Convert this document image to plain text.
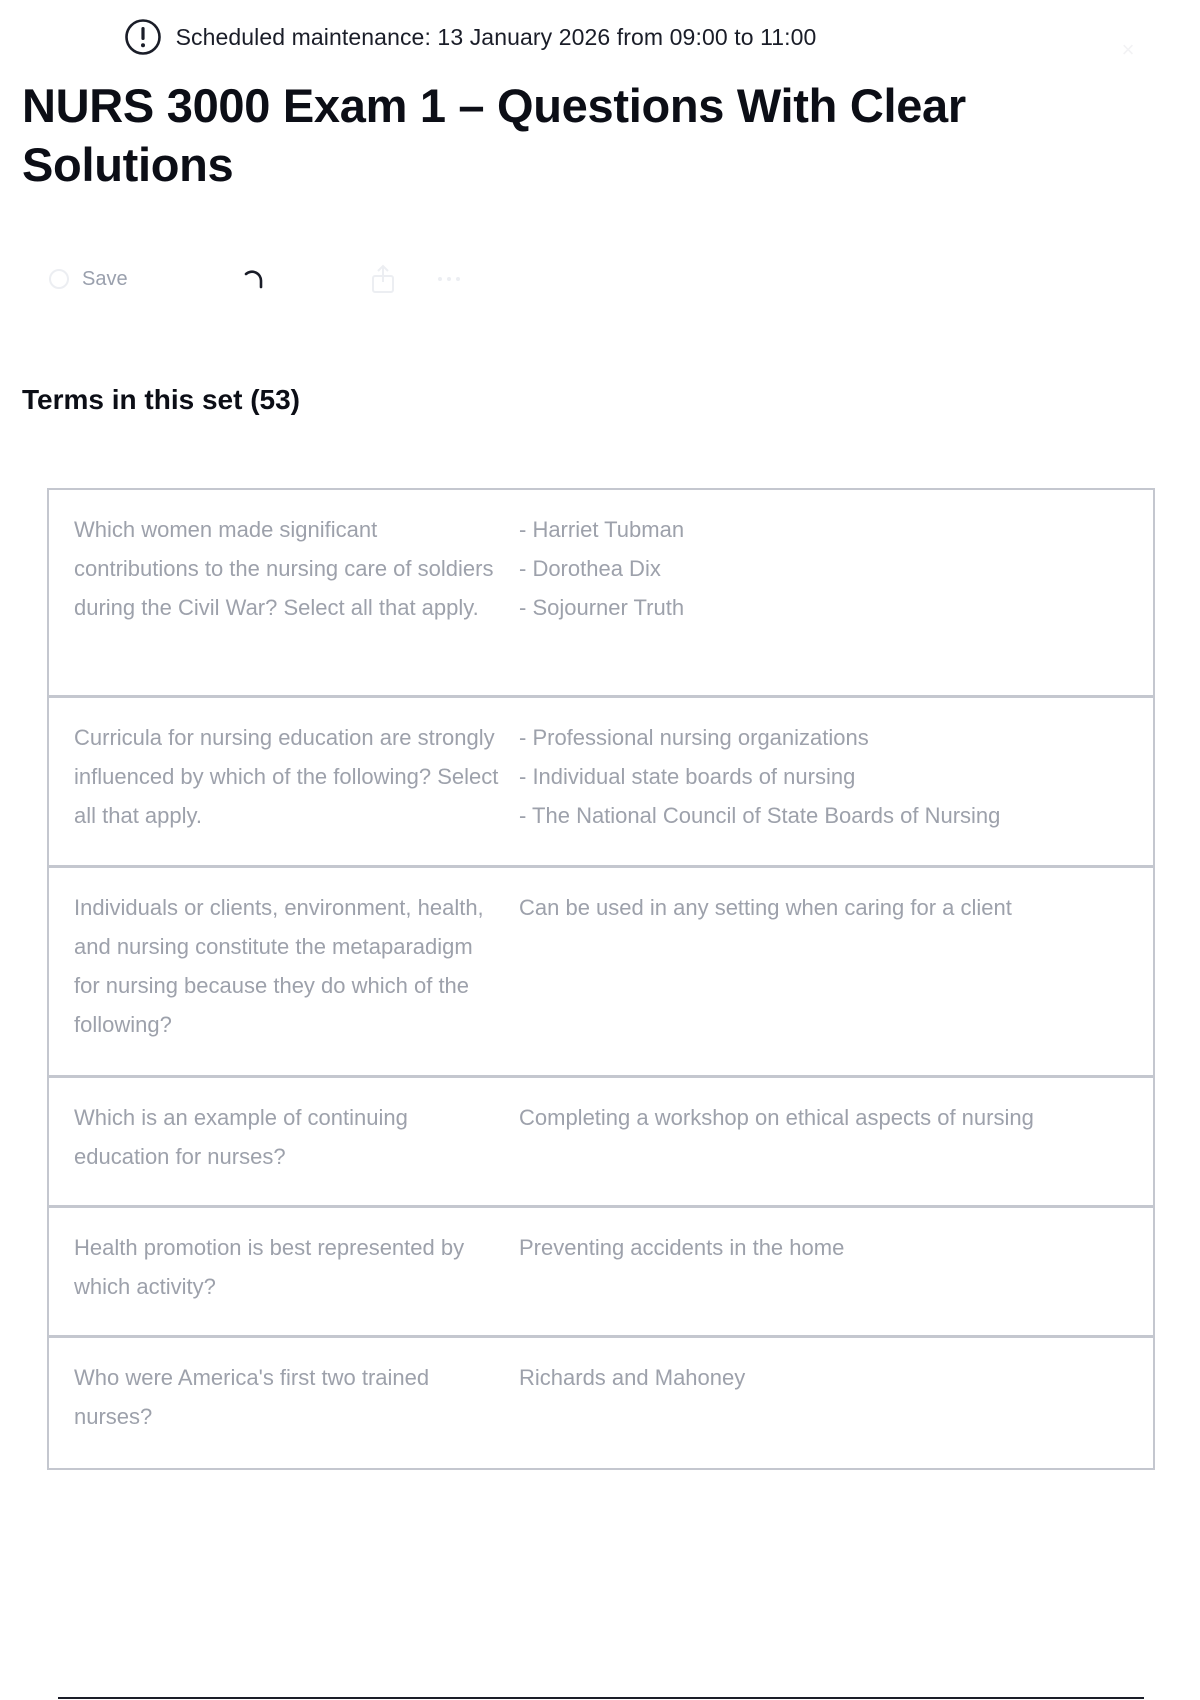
Scheduled maintenance: 13 January 2026 from 09:00 to 11:00	×
NURS 3000 Exam 1 – Questions With Clear Solutions
Save
Terms in this set (53)
Which women made significant contributions to the nursing care of soldiers during the Civil War? Select all that apply.
- Harriet Tubman
- Dorothea Dix
- Sojourner Truth
Curricula for nursing education are strongly influenced by which of the following? Select all that apply.
- Professional nursing organizations
- Individual state boards of nursing
- The National Council of State Boards of Nursing
Individuals or clients, environment, health, and nursing constitute the metaparadigm for nursing because they do which of the following?
Can be used in any setting when caring for a client
Which is an example of continuing education for nurses?
Completing a workshop on ethical aspects of nursing
Health promotion is best represented by which activity?
Preventing accidents in the home
Who were America's first two trained nurses?
Richards and Mahoney
